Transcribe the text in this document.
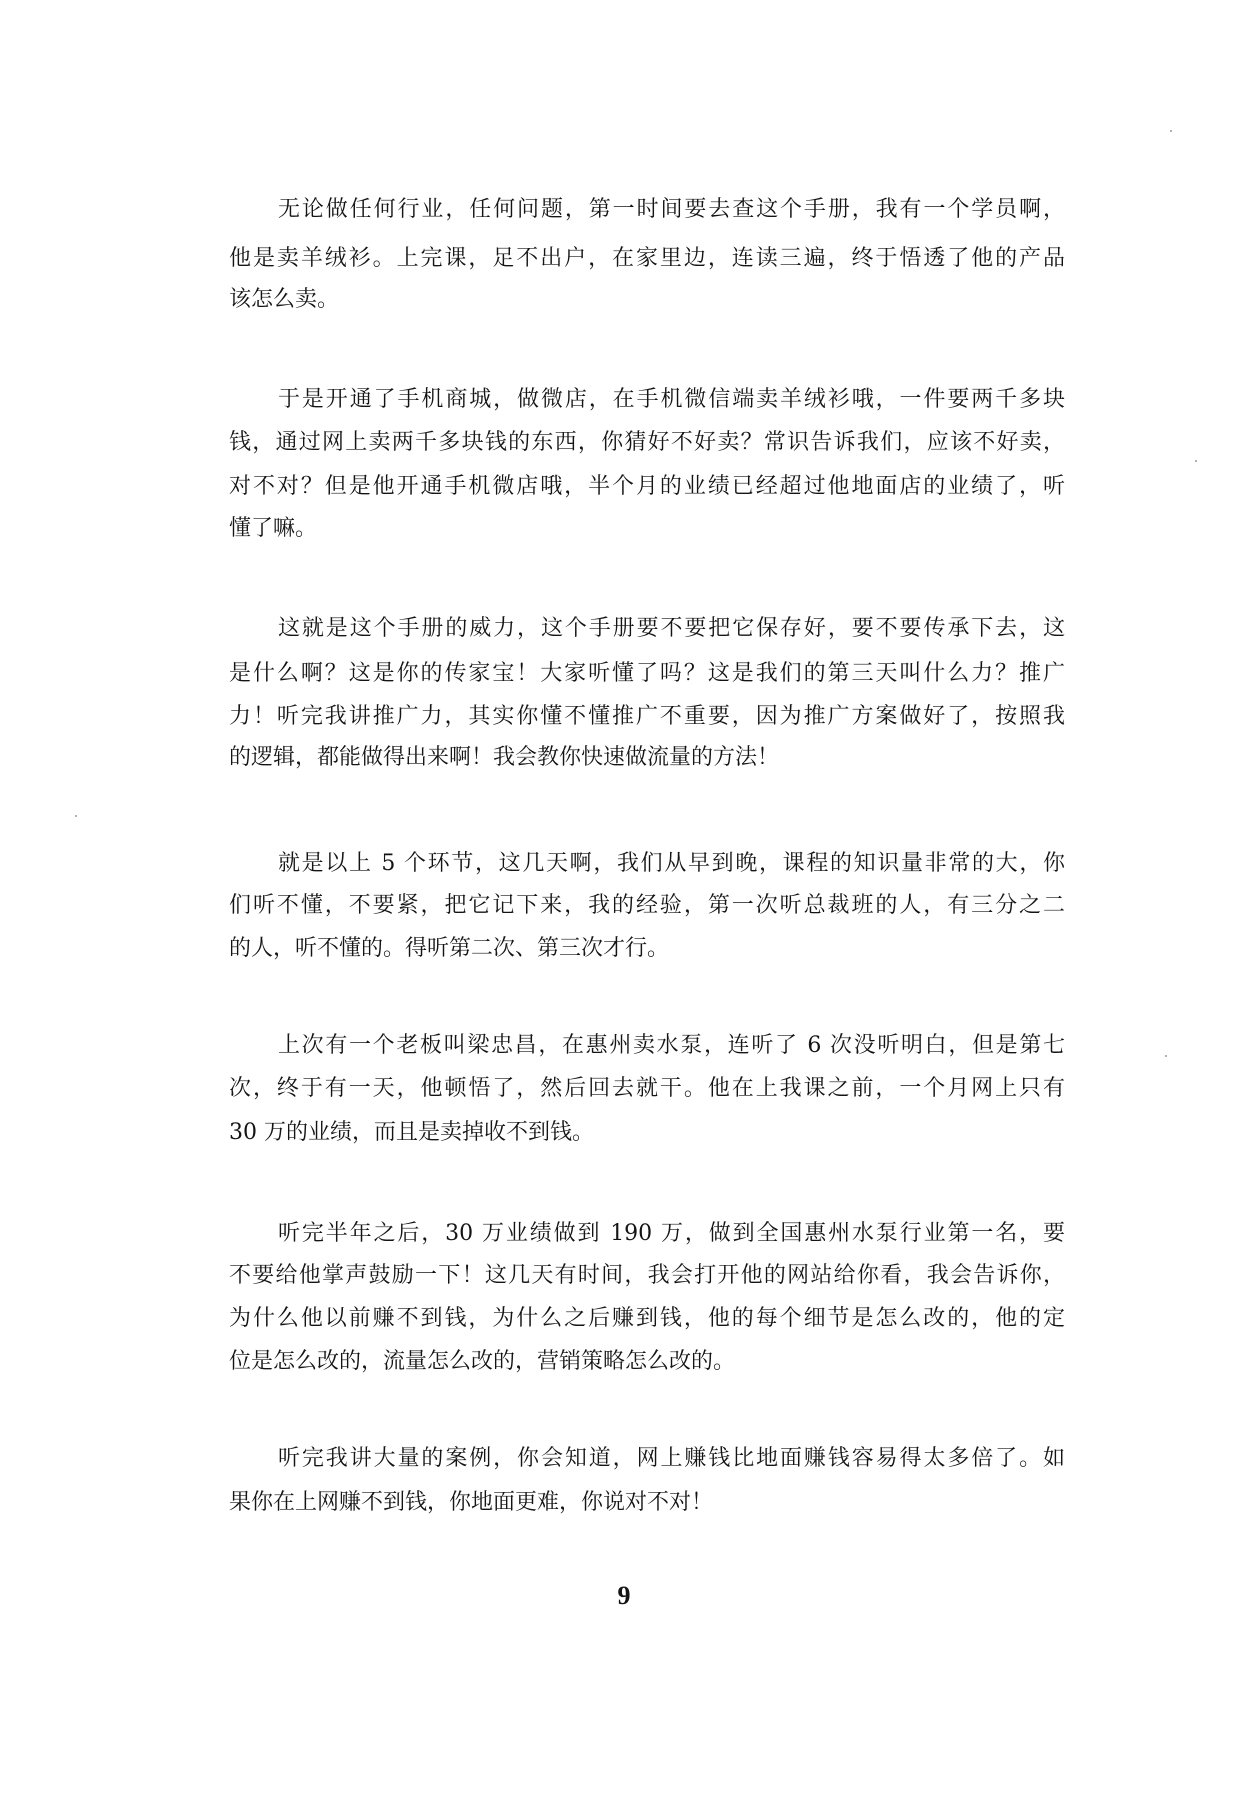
无论做任何行业，任何问题，第一时间要去查这个手册，我有一个学员啊，
他是卖羊绒衫。上完课，足不出户，在家里边，连读三遍，终于悟透了他的产品
该怎么卖。
于是开通了手机商城，做微店，在手机微信端卖羊绒衫哦，一件要两千多块
钱，通过网上卖两千多块钱的东西，你猜好不好卖？常识告诉我们，应该不好卖，
对不对？但是他开通手机微店哦，半个月的业绩已经超过他地面店的业绩了，听
懂了嘛。
这就是这个手册的威力，这个手册要不要把它保存好，要不要传承下去，这
是什么啊？这是你的传家宝！大家听懂了吗？这是我们的第三天叫什么力？推广
力！听完我讲推广力，其实你懂不懂推广不重要，因为推广方案做好了，按照我
的逻辑，都能做得出来啊！我会教你快速做流量的方法！
就是以上 5 个环节，这几天啊，我们从早到晚，课程的知识量非常的大，你
们听不懂，不要紧，把它记下来，我的经验，第一次听总裁班的人，有三分之二
的人，听不懂的。得听第二次、第三次才行。
上次有一个老板叫梁忠昌，在惠州卖水泵，连听了 6 次没听明白，但是第七
次，终于有一天，他顿悟了，然后回去就干。他在上我课之前，一个月网上只有
30 万的业绩，而且是卖掉收不到钱。
听完半年之后，30 万业绩做到 190 万，做到全国惠州水泵行业第一名，要
不要给他掌声鼓励一下！这几天有时间，我会打开他的网站给你看，我会告诉你，
为什么他以前赚不到钱，为什么之后赚到钱，他的每个细节是怎么改的，他的定
位是怎么改的，流量怎么改的，营销策略怎么改的。
听完我讲大量的案例，你会知道，网上赚钱比地面赚钱容易得太多倍了。如
果你在上网赚不到钱，你地面更难，你说对不对！
9
